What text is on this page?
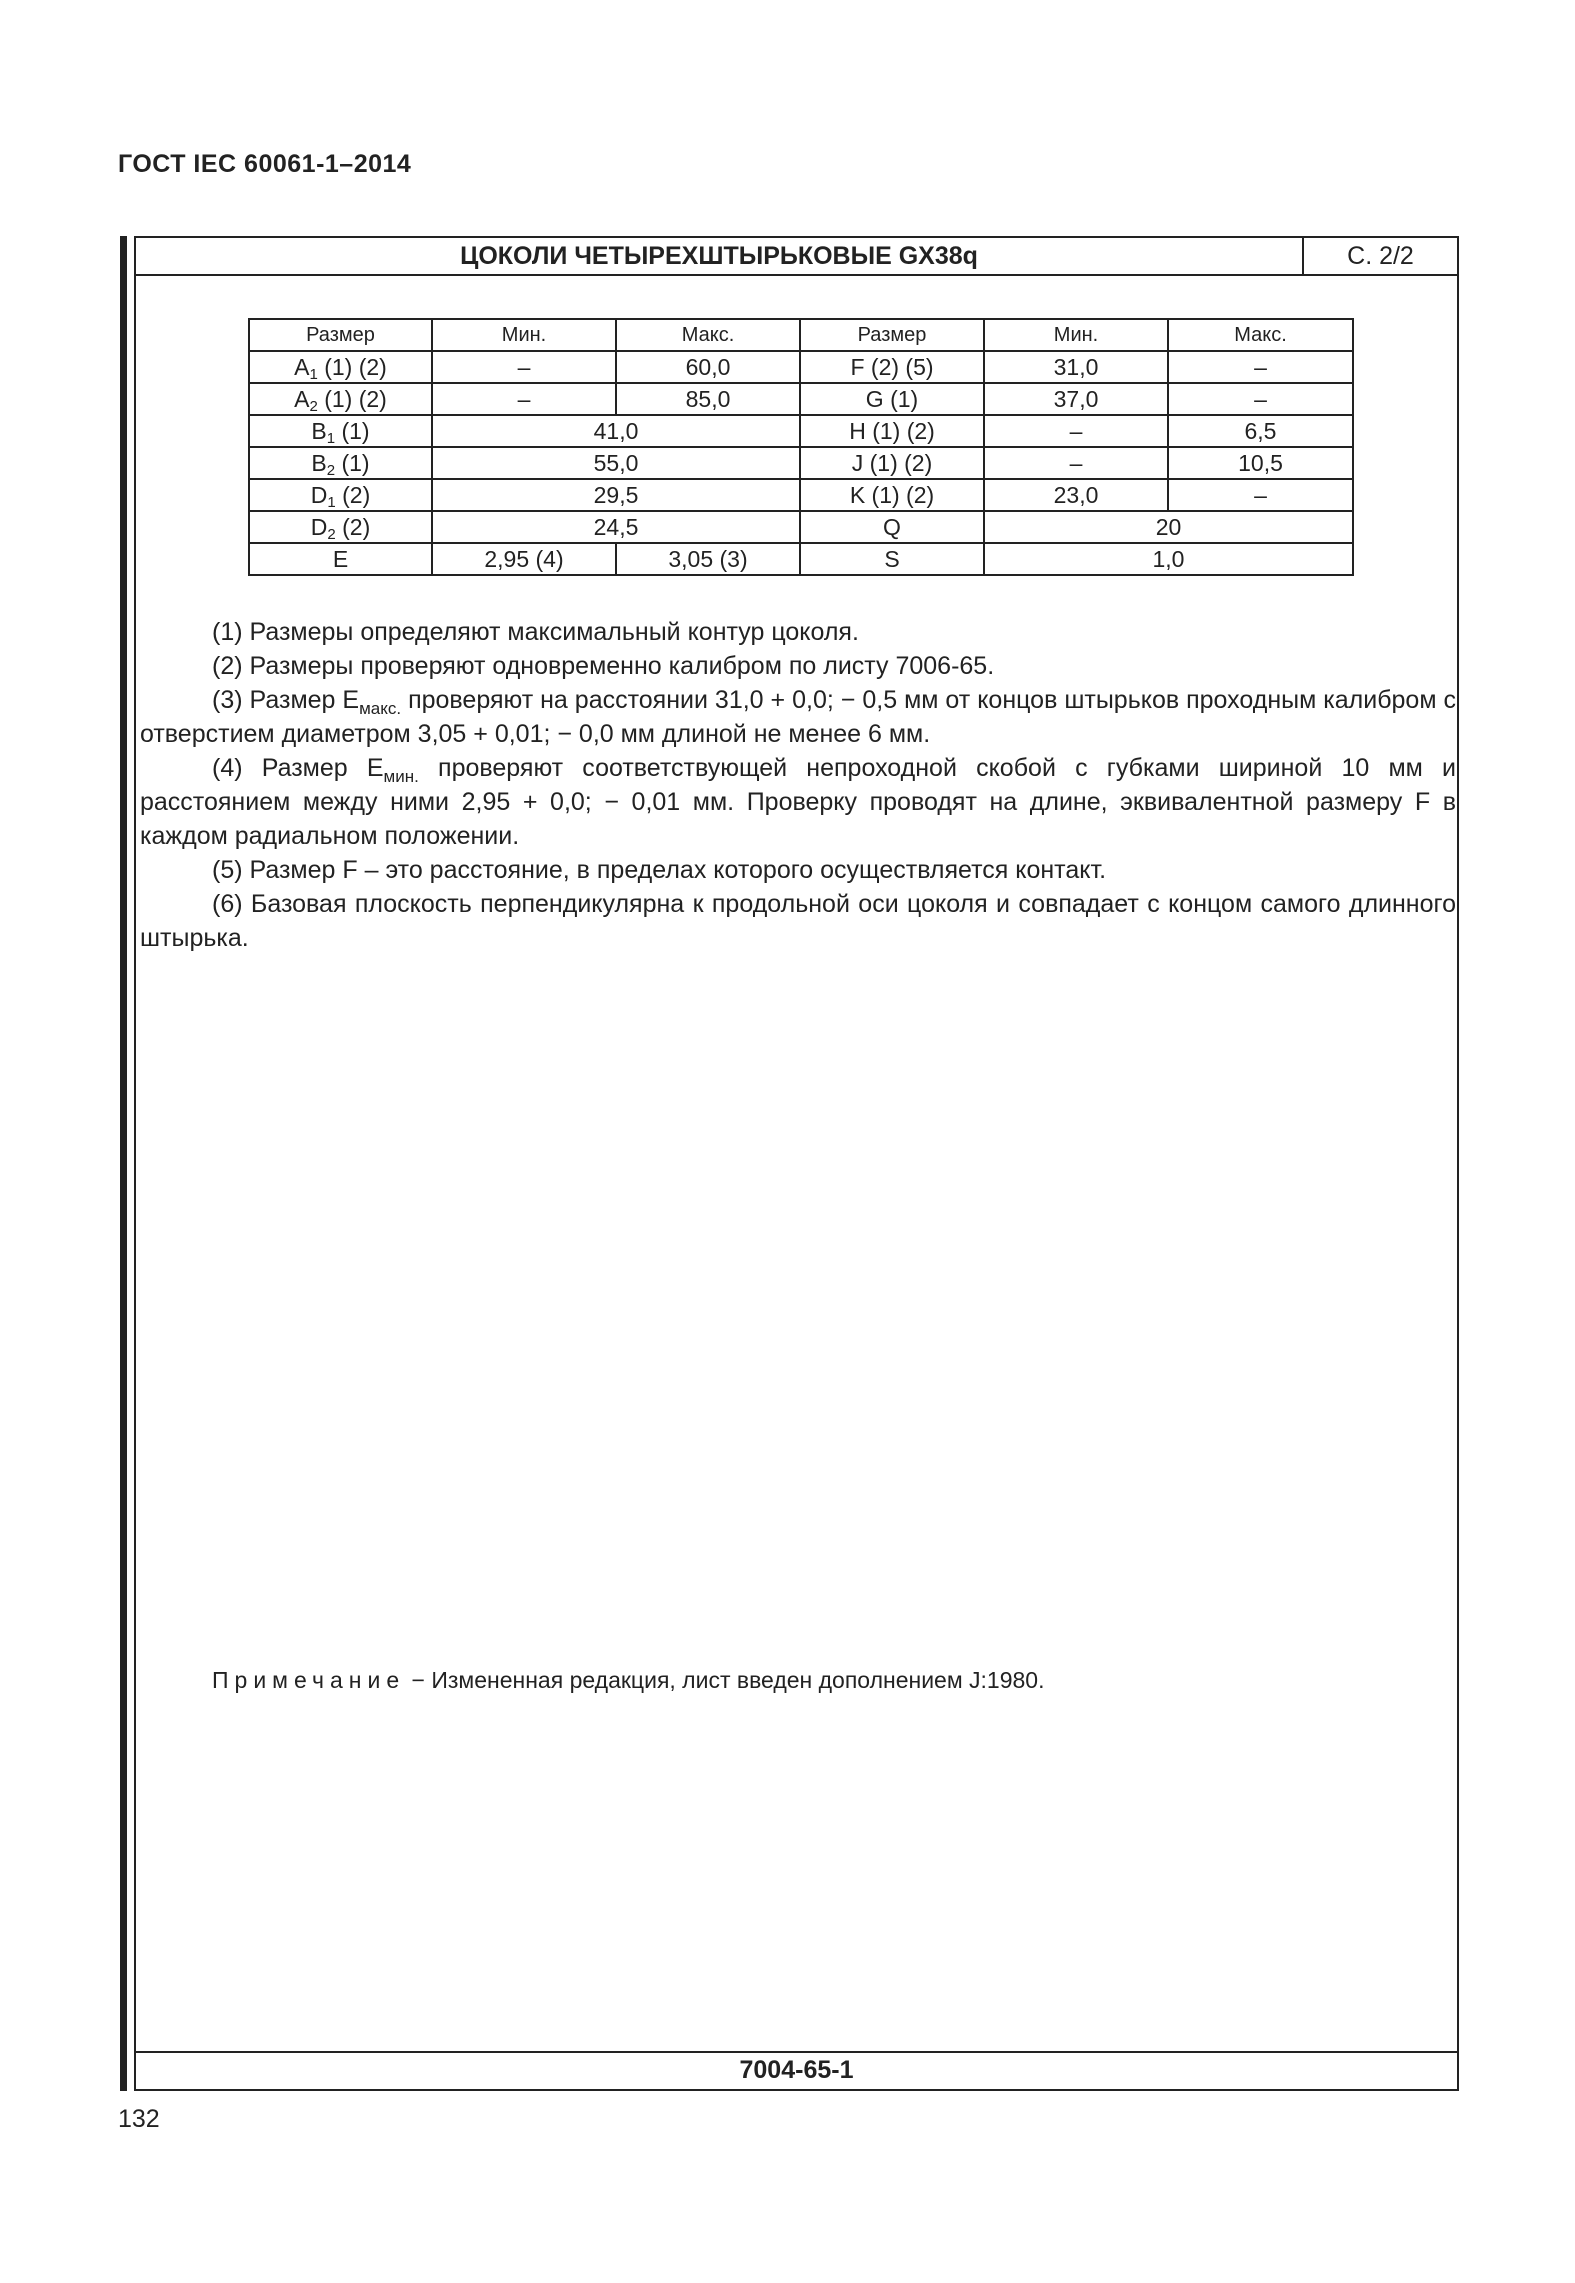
ГОСТ IEC 60061-1–2014
ЦОКОЛИ ЧЕТЫРЕХШТЫРЬКОВЫЕ GX38q	С. 2/2
Размер	Мин.	Макс.	Размер	Мин.	Макс.
$A_1$ (1) (2)	–	60,0	F (2) (5)	31,0	–
$A_2$ (1) (2)	–	85,0	G (1)	37,0	–
$B_1$ (1)	41,0		H (1) (2)	–	6,5
$B_2$ (1)	55,0		J (1) (2)	–	10,5
$D_1$ (2)	29,5		K (1) (2)	23,0	–
$D_2$ (2)	24,5		Q	20	
E	2,95 (4)	3,05 (3)	S	1,0	
7004-65-1

(1) Размеры определяют максимальный контур цоколя.

(2) Размеры проверяют одновременно калибром по листу 7006-65.

(3) Размер $E_{макс.}$ проверяют на расстоянии 31,0 + 0,0; − 0,5 мм от концов штырьков проходным калибром с отверстием диаметром 3,05 + 0,01; − 0,0 мм длиной не менее 6 мм.

(4) Размер $E_{мин.}$ проверяют соответствующей непроходной скобой с губками шириной 10 мм и расстоянием между ними 2,95 + 0,0; − 0,01 мм. Проверку проводят на длине, эквивалентной размеру F в каждом радиальном положении.

(5) Размер F – это расстояние, в пределах которого осуществляется контакт.

(6) Базовая плоскость перпендикулярна к продольной оси цоколя и совпадает с концом самого длинного штырька.

Примечание − Измененная редакция, лист введен дополнением J:1980.
132
